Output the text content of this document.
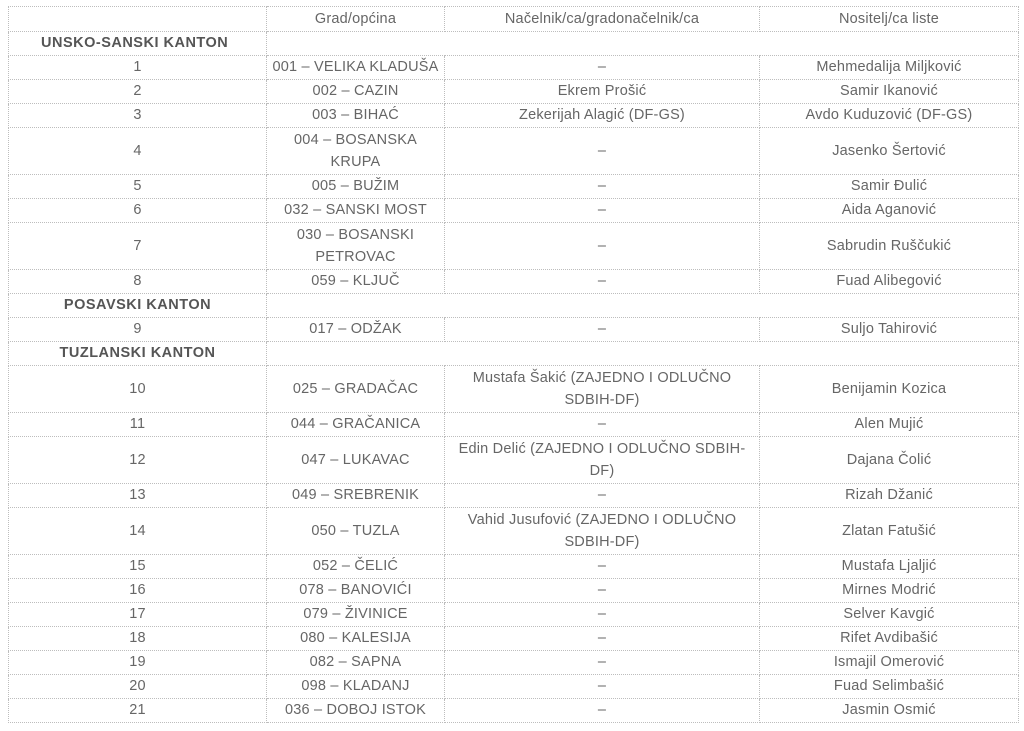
	Grad/općina	Načelnik/ca/gradonačelnik/ca	Nositelj/ca liste
UNSKO-SANSKI KANTON			
1	001 – VELIKA KLADUŠA	–	Mehmedalija Miljković
2	002 – CAZIN	Ekrem Prošić	Samir Ikanović
3	003 – BIHAĆ	Zekerijah Alagić (DF-GS)	Avdo Kuduzović (DF-GS)
4	004 – BOSANSKA KRUPA	–	Jasenko Šertović
5	005 – BUŽIM	–	Samir Đulić
6	032 – SANSKI MOST	–	Aida Aganović
7	030 – BOSANSKI PETROVAC	–	Sabrudin Ruščukić
8	059 – KLJUČ	–	Fuad Alibegović
POSAVSKI KANTON			
9	017 – ODŽAK	–	Suljo Tahirović
TUZLANSKI KANTON			
10	025 – GRADAČAC	Mustafa Šakić (ZAJEDNO I ODLUČNO SDBIH-DF)	Benijamin Kozica
11	044 – GRAČANICA	–	Alen Mujić
12	047 – LUKAVAC	Edin Delić (ZAJEDNO I ODLUČNO SDBIH-DF)	Dajana Čolić
13	049 – SREBRENIK	–	Rizah Džanić
14	050 – TUZLA	Vahid Jusufović (ZAJEDNO I ODLUČNO SDBIH-DF)	Zlatan Fatušić
15	052 – ČELIĆ	–	Mustafa Ljaljić
16	078 – BANOVIĆI	–	Mirnes Modrić
17	079 – ŽIVINICE	–	Selver Kavgić
18	080 – KALESIJA	–	Rifet Avdibašić
19	082 – SAPNA	–	Ismajil Omerović
20	098 – KLADANJ	–	Fuad Selimbašić
21	036 – DOBOJ ISTOK	–	Jasmin Osmić
